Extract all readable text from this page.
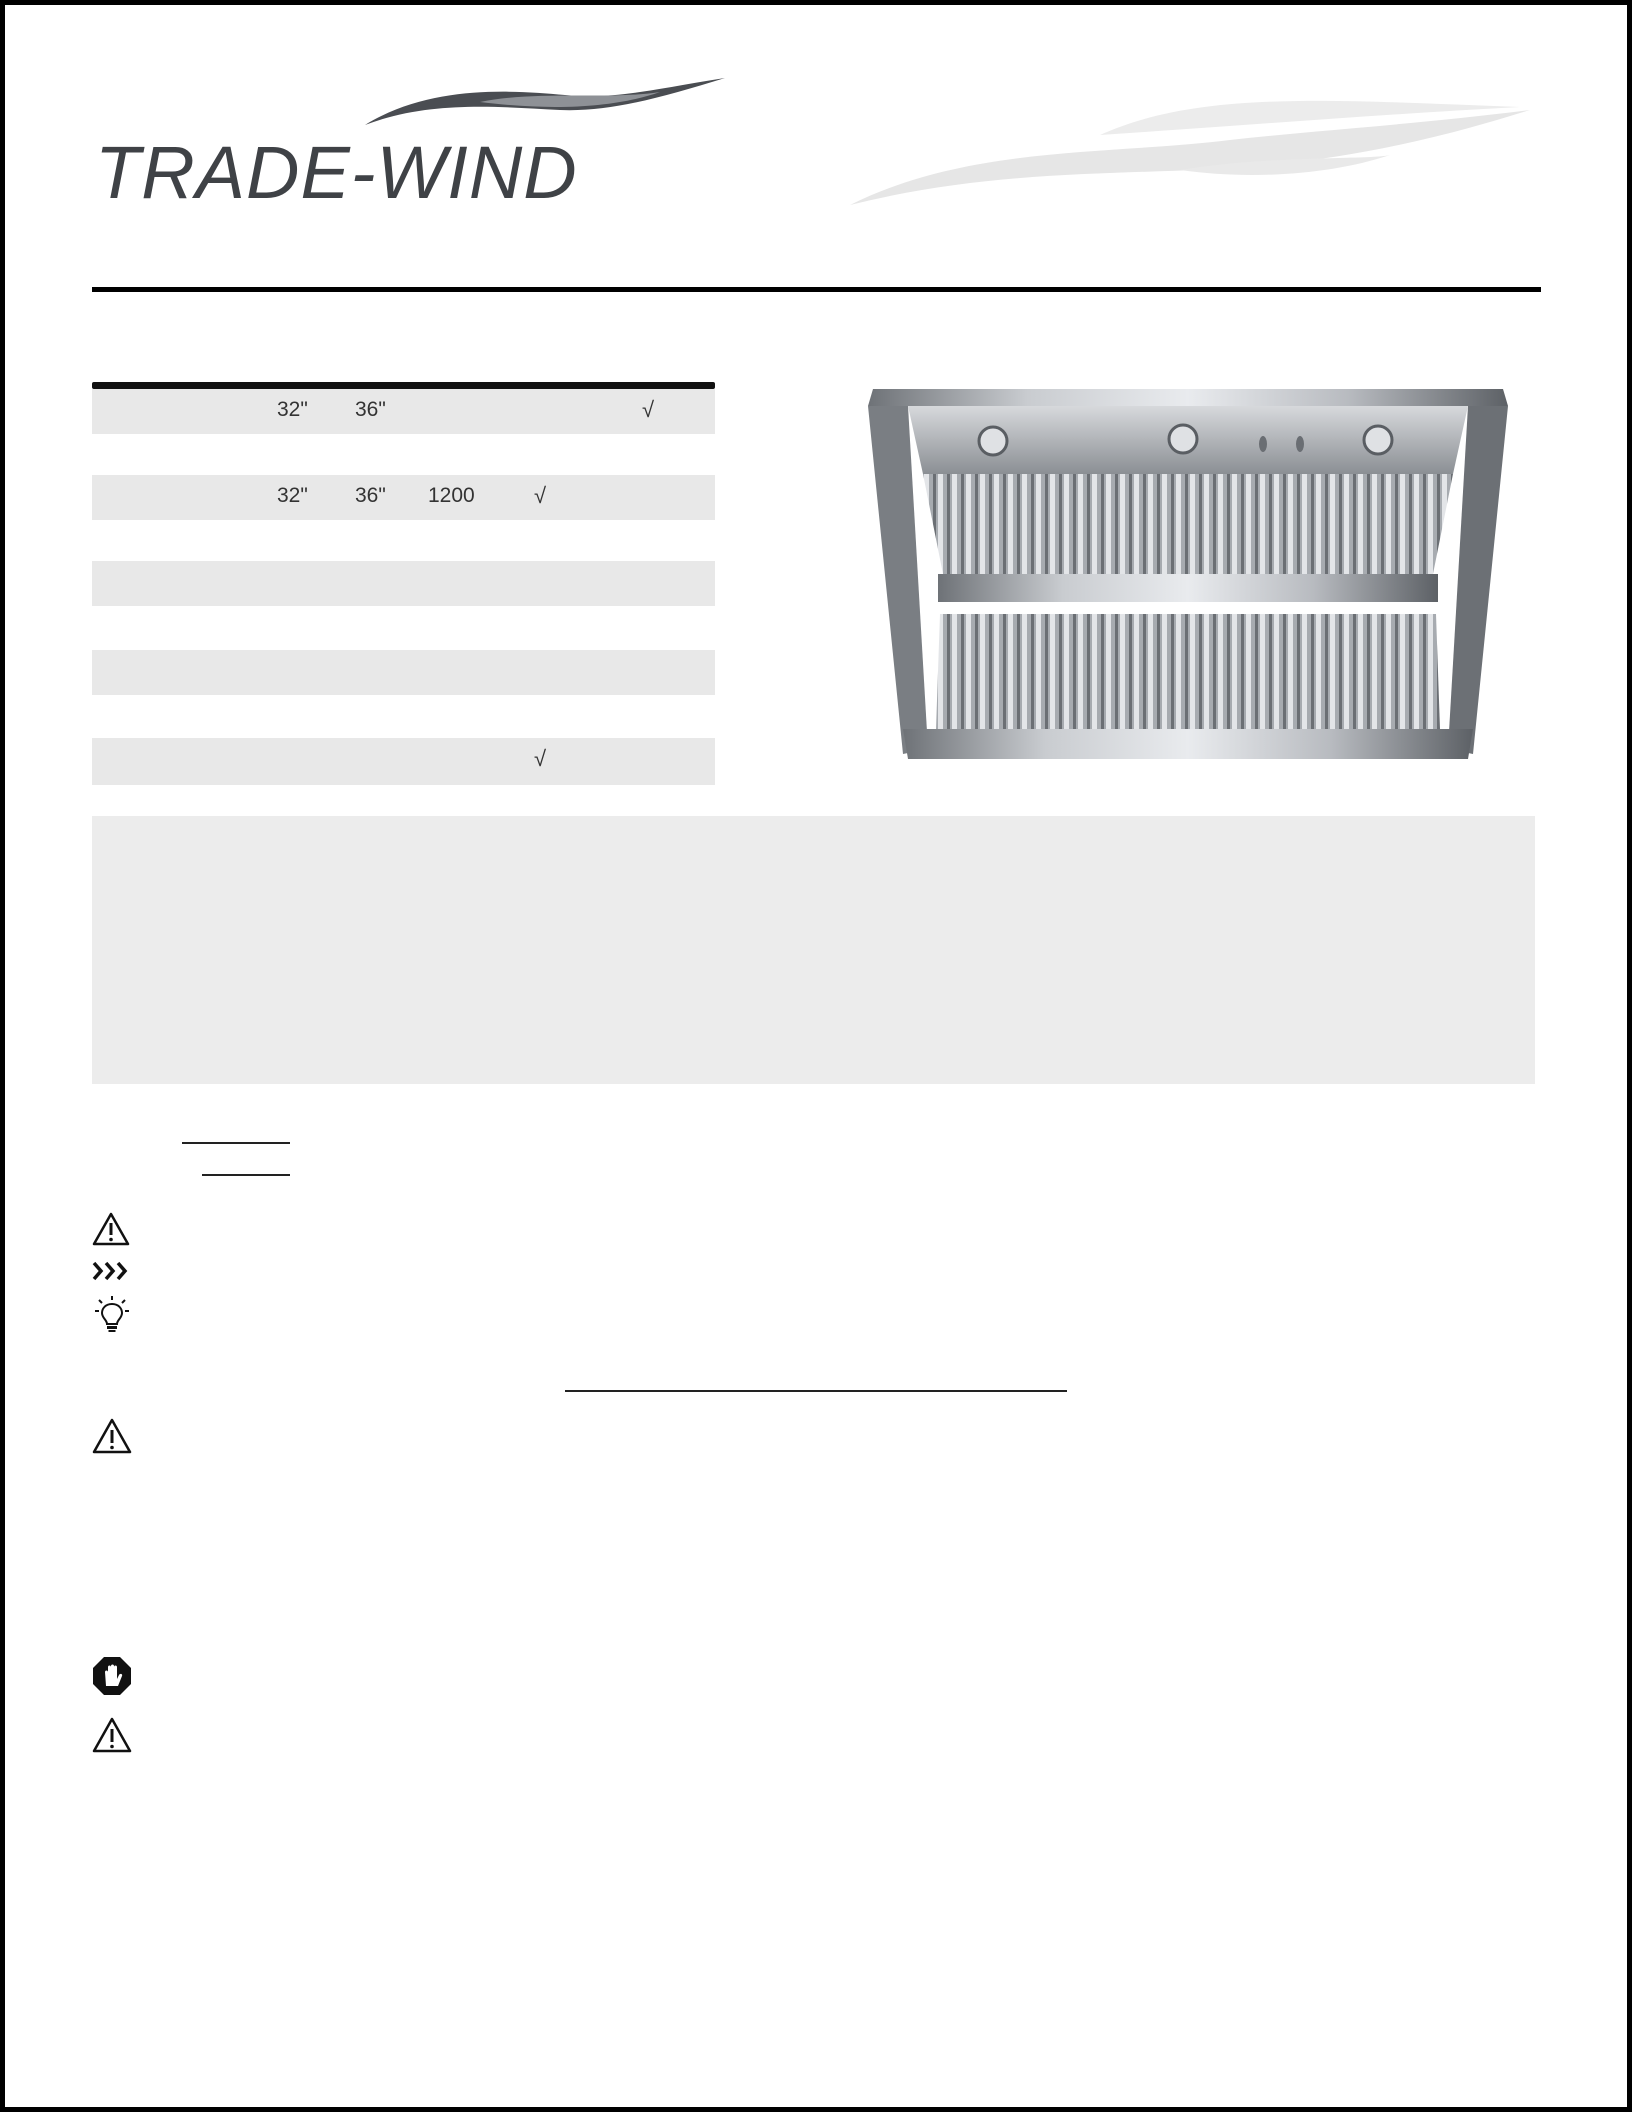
TRADE-WIND
32" 36"	√
32" 36" 1200	√
√
